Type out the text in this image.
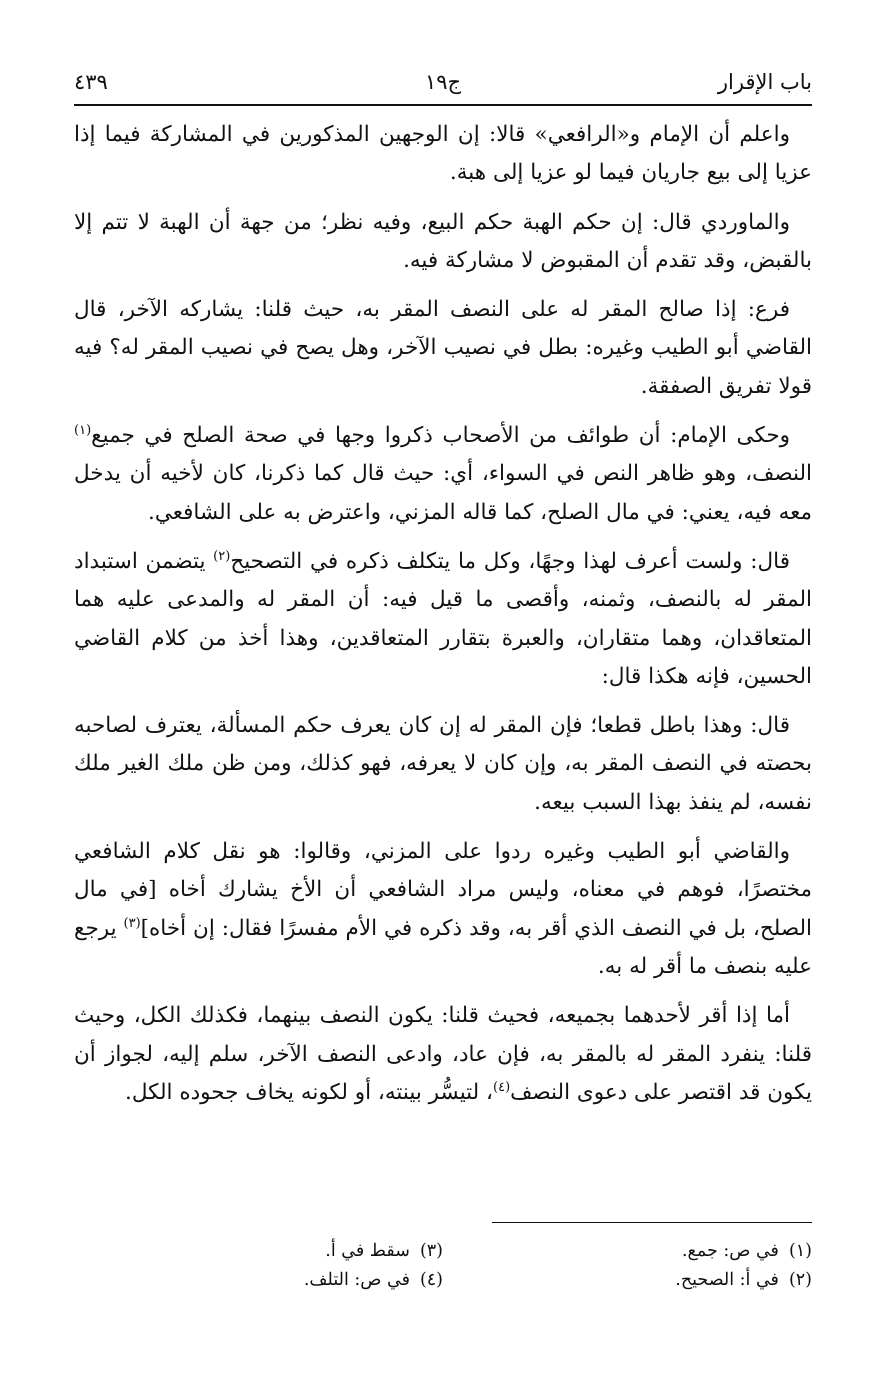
باب الإقرار
ج١٩
٤٣٩

واعلم أن الإمام و«الرافعي» قالا: إن الوجهين المذكورين في المشاركة فيما إذا عزيا إلى بيع جاريان فيما لو عزيا إلى هبة.

والماوردي قال: إن حكم الهبة حكم البيع، وفيه نظر؛ من جهة أن الهبة لا تتم إلا بالقبض، وقد تقدم أن المقبوض لا مشاركة فيه.

فرع: إذا صالح المقر له على النصف المقر به، حيث قلنا: يشاركه الآخر، قال القاضي أبو الطيب وغيره: بطل في نصيب الآخر، وهل يصح في نصيب المقر له؟ فيه قولا تفريق الصفقة.

وحكى الإمام: أن طوائف من الأصحاب ذكروا وجها في صحة الصلح في جميع$^{(١)}$ النصف، وهو ظاهر النص في السواء، أي: حيث قال كما ذكرنا، كان لأخيه أن يدخل معه فيه، يعني: في مال الصلح، كما قاله المزني، واعترض به على الشافعي.

قال: ولست أعرف لهذا وجهًا، وكل ما يتكلف ذكره في التصحيح$^{(٢)}$ يتضمن استبداد المقر له بالنصف، وثمنه، وأقصى ما قيل فيه: أن المقر له والمدعى عليه هما المتعاقدان، وهما متقاران، والعبرة بتقارر المتعاقدين، وهذا أخذ من كلام القاضي الحسين، فإنه هكذا قال:

قال: وهذا باطل قطعا؛ فإن المقر له إن كان يعرف حكم المسألة، يعترف لصاحبه بحصته في النصف المقر به، وإن كان لا يعرفه، فهو كذلك، ومن ظن ملك الغير ملك نفسه، لم ينفذ بهذا السبب بيعه.

والقاضي أبو الطيب وغيره ردوا على المزني، وقالوا: هو نقل كلام الشافعي مختصرًا، فوهم في معناه، وليس مراد الشافعي أن الأخ يشارك أخاه [في مال الصلح، بل في النصف الذي أقر به، وقد ذكره في الأم مفسرًا فقال: إن أخاه]$^{(٣)}$ يرجع عليه بنصف ما أقر له به.

أما إذا أقر لأحدهما بجميعه، فحيث قلنا: يكون النصف بينهما، فكذلك الكل، وحيث قلنا: ينفرد المقر له بالمقر به، فإن عاد، وادعى النصف الآخر، سلم إليه، لجواز أن يكون قد اقتصر على دعوى النصف$^{(٤)}$، لتيسُّر بينته، أو لكونه يخاف جحوده الكل.

(١)في ص: جمع.
(٢)في أ: الصحيح.
(٣)سقط في أ.
(٤)في ص: التلف.
